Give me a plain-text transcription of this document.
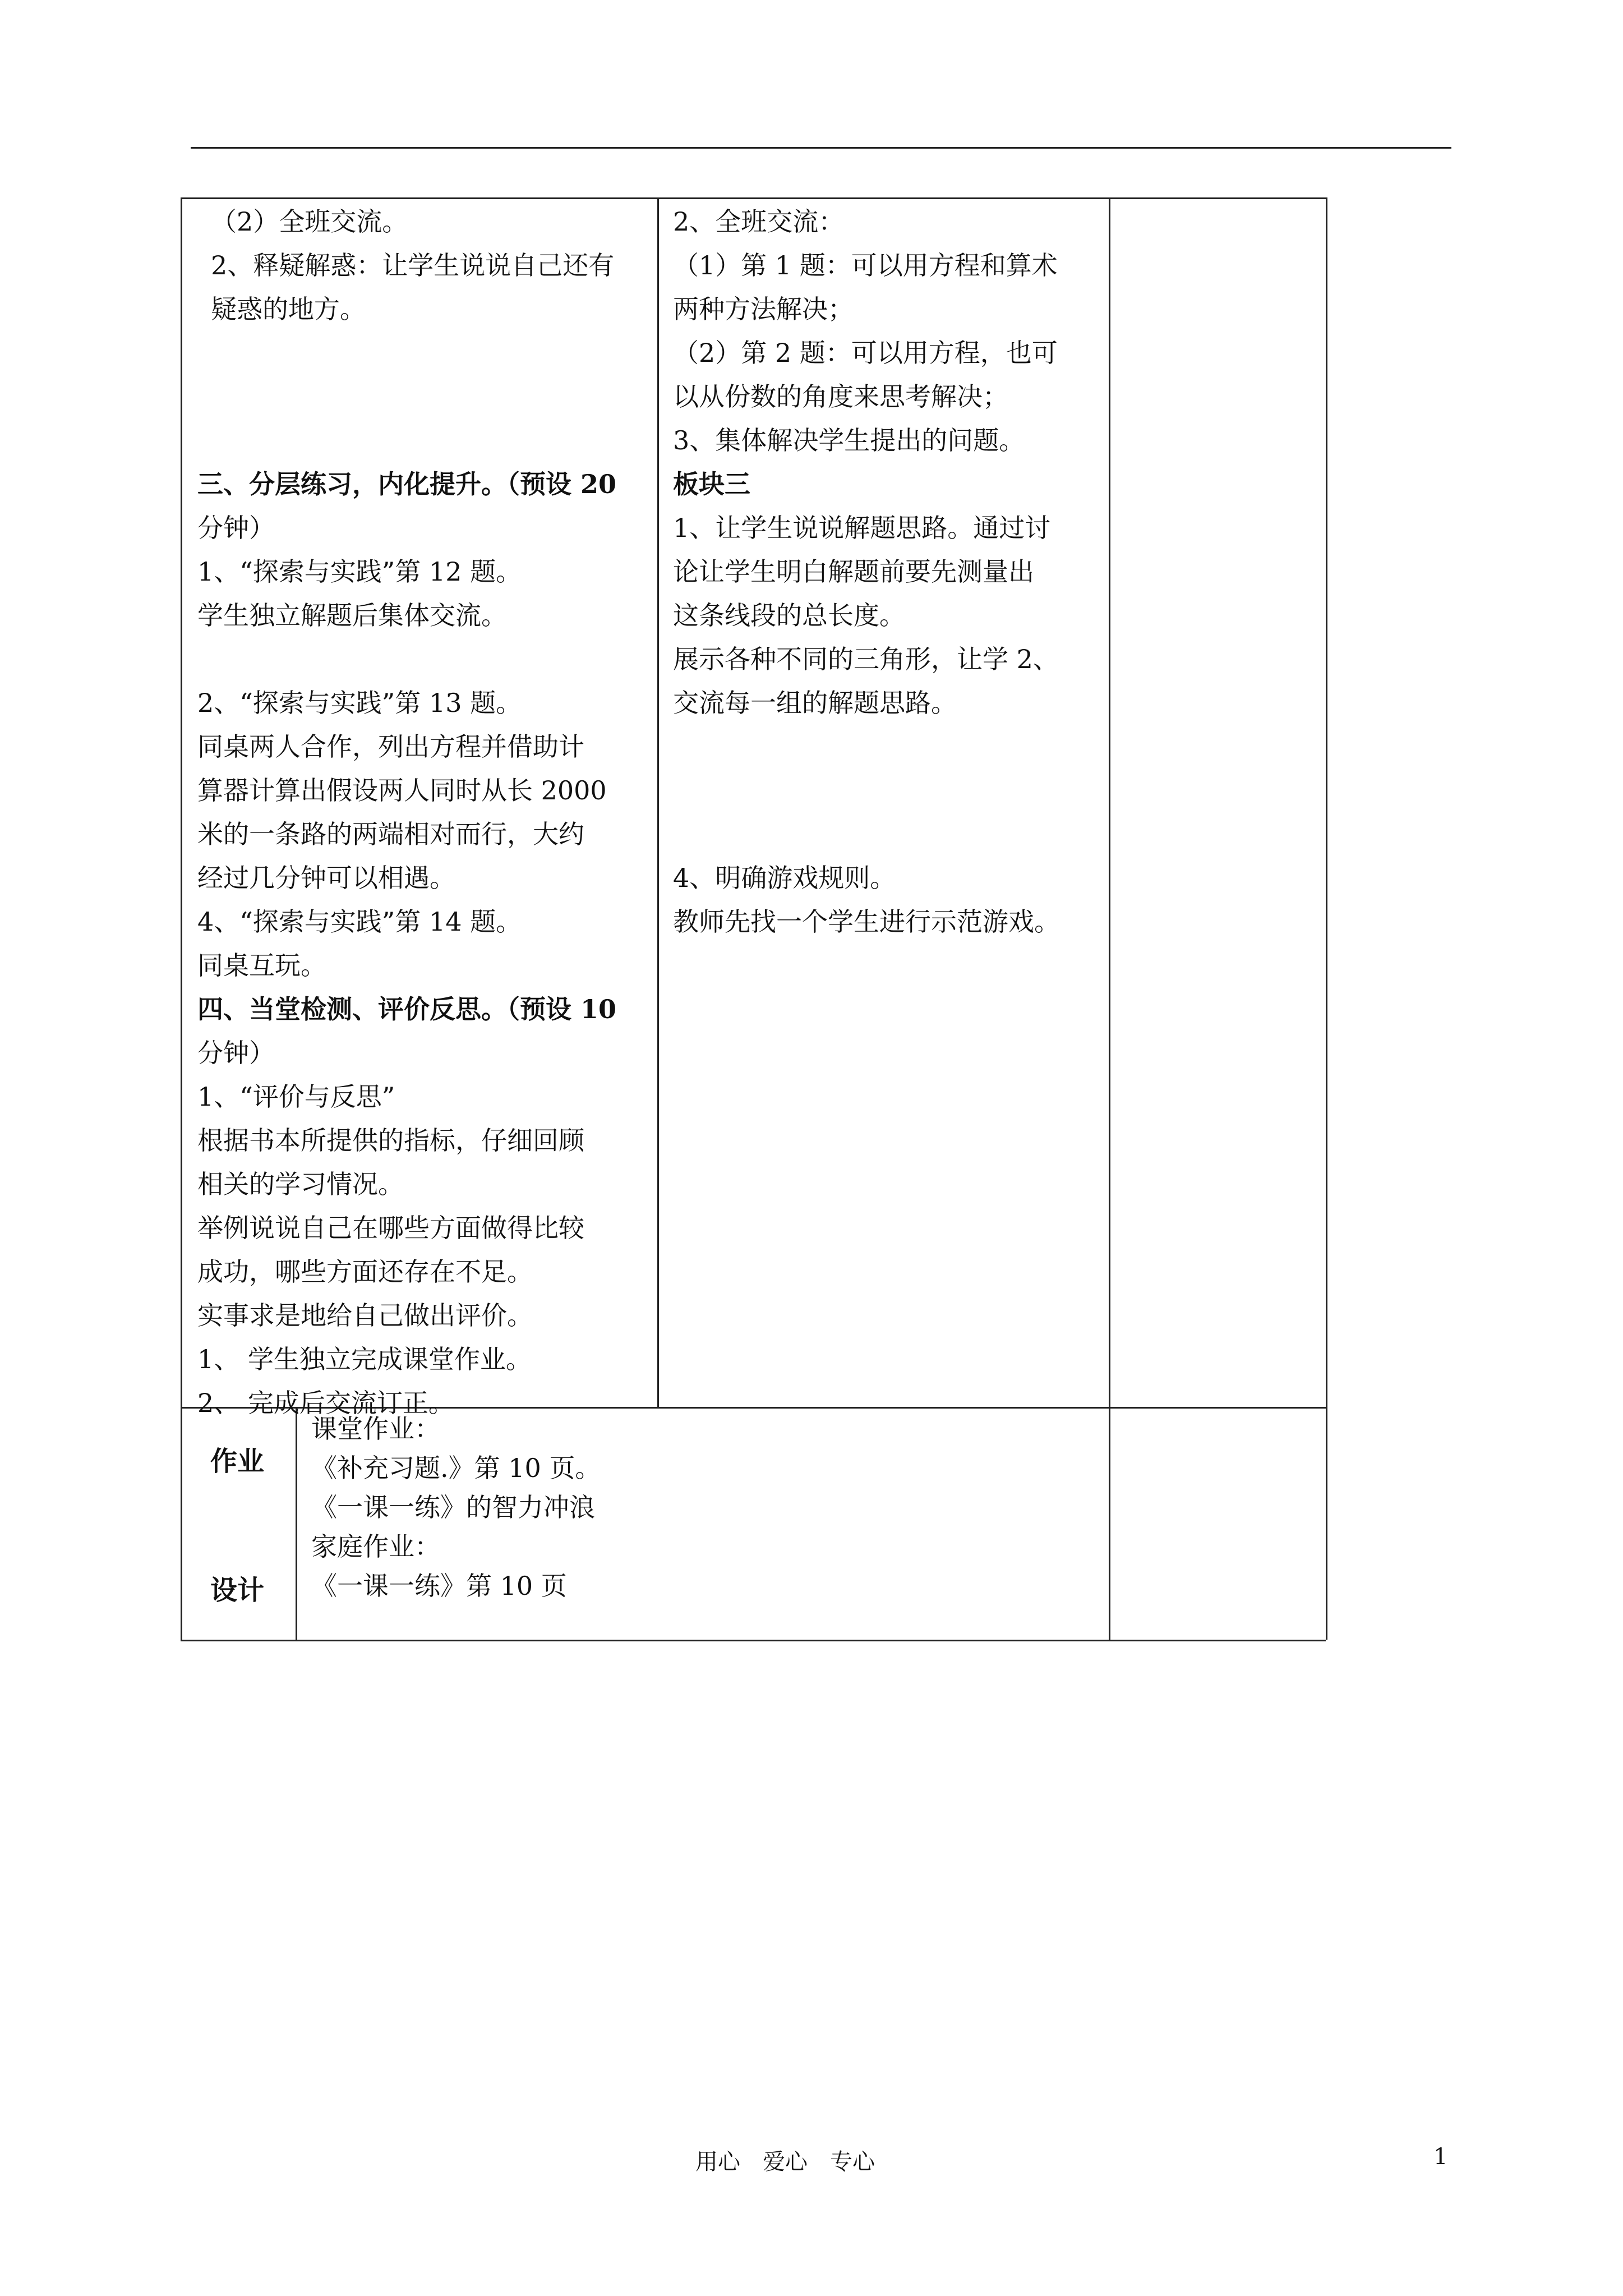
（2）全班交流。
2、释疑解惑：让学生说说自己还有
疑惑的地方。

三、分层练习，内化提升。（预设 20
分钟）
1、“探索与实践”第 12 题。
学生独立解题后集体交流。

2、“探索与实践”第 13 题。
同桌两人合作，列出方程并借助计
算器计算出假设两人同时从长 2000
米的一条路的两端相对而行，大约
经过几分钟可以相遇。
4、“探索与实践”第 14 题。
同桌互玩。
四、当堂检测、评价反思。（预设 10
分钟）
1、“评价与反思”
根据书本所提供的指标，仔细回顾
相关的学习情况。
举例说说自己在哪些方面做得比较
成功，哪些方面还存在不足。
实事求是地给自己做出评价。
1、 学生独立完成课堂作业。
2、 完成后交流订正。
2、全班交流：
（1）第 1 题：可以用方程和算术
两种方法解决；
（2）第 2 题：可以用方程，也可
以从份数的角度来思考解决；
3、集体解决学生提出的问题。
板块三
1、让学生说说解题思路。通过讨
论让学生明白解题前要先测量出
这条线段的总长度。
展示各种不同的三角形，让学 2、
交流每一组的解题思路。

4、明确游戏规则。
教师先找一个学生进行示范游戏。
作业
设计
课堂作业：
《补充习题.》第 10 页。
《一课一练》的智力冲浪
家庭作业：
《一课一练》第 10 页
用心　爱心　专心	1
